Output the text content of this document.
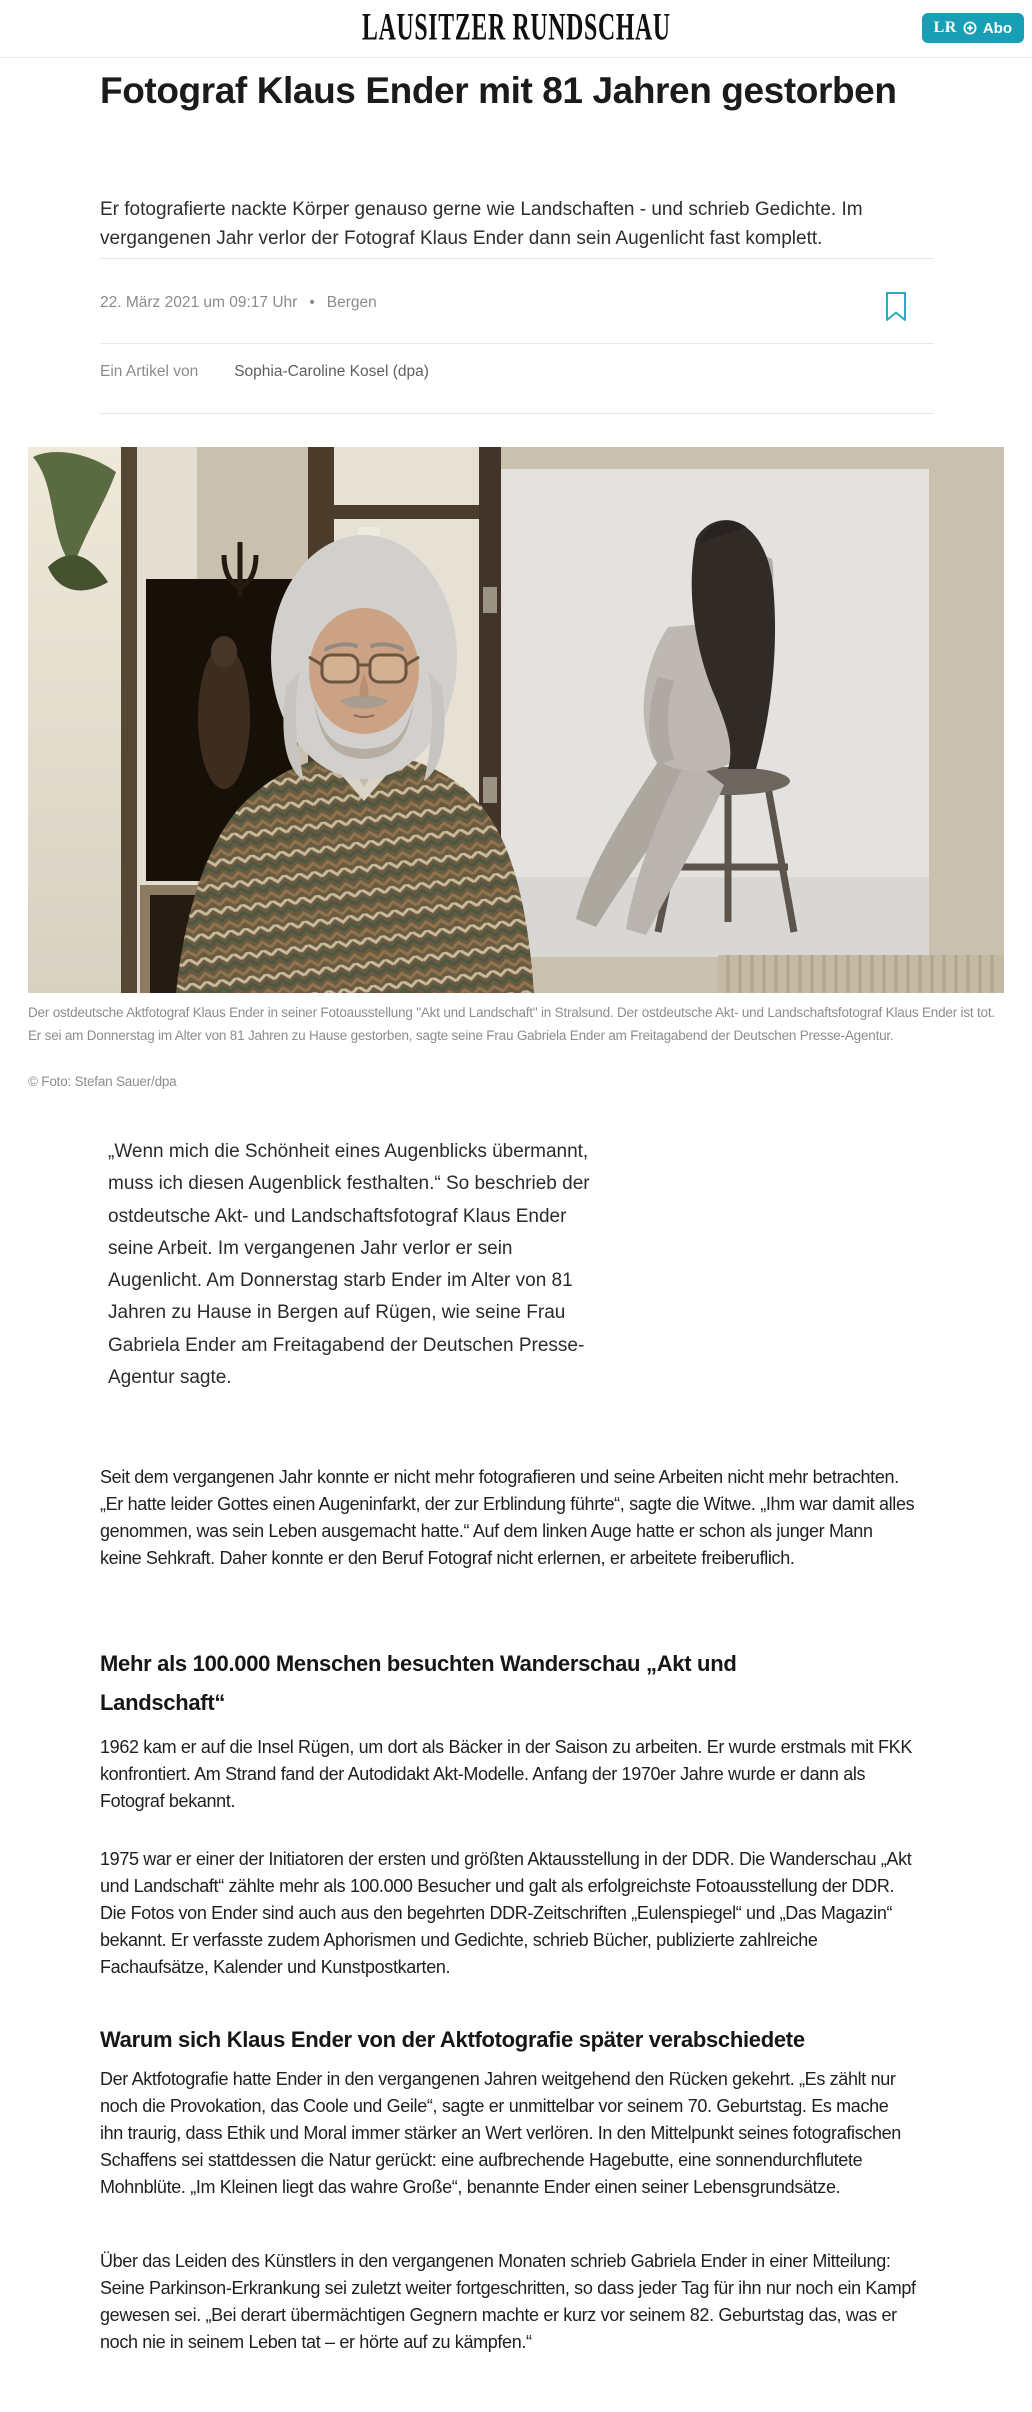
LAUSITZER RUNDSCHAU	LR Abo
Fotograf Klaus Ender mit 81 Jahren gestorben

Er fotografierte nackte Körper genauso gerne wie Landschaften - und schrieb Gedichte. Im vergangenen Jahr verlor der Fotograf Klaus Ender dann sein Augenlicht fast komplett.

22. März 2021 um 09:17 Uhr • Bergen
Ein Artikel von Sophia-Caroline Kosel (dpa)

Der ostdeutsche Aktfotograf Klaus Ender in seiner Fotoausstellung "Akt und Landschaft" in Stralsund. Der ostdeutsche Akt- und Landschaftsfotograf Klaus Ender ist tot. Er sei am Donnerstag im Alter von 81 Jahren zu Hause gestorben, sagte seine Frau Gabriela Ender am Freitagabend der Deutschen Presse-Agentur.

© Foto: Stefan Sauer/dpa

„Wenn mich die Schönheit eines Augenblicks übermannt, muss ich diesen Augenblick festhalten.“ So beschrieb der ostdeutsche Akt- und Landschaftsfotograf Klaus Ender seine Arbeit. Im vergangenen Jahr verlor er sein Augenlicht. Am Donnerstag starb Ender im Alter von 81 Jahren zu Hause in Bergen auf Rügen, wie seine Frau Gabriela Ender am Freitagabend der Deutschen Presse-Agentur sagte.

Seit dem vergangenen Jahr konnte er nicht mehr fotografieren und seine Arbeiten nicht mehr betrachten. „Er hatte leider Gottes einen Augeninfarkt, der zur Erblindung führte“, sagte die Witwe. „Ihm war damit alles genommen, was sein Leben ausgemacht hatte.“ Auf dem linken Auge hatte er schon als junger Mann keine Sehkraft. Daher konnte er den Beruf Fotograf nicht erlernen, er arbeitete freiberuflich.

Mehr als 100.000 Menschen besuchten Wanderschau „Akt und Landschaft“

1962 kam er auf die Insel Rügen, um dort als Bäcker in der Saison zu arbeiten. Er wurde erstmals mit FKK konfrontiert. Am Strand fand der Autodidakt Akt-Modelle. Anfang der 1970er Jahre wurde er dann als Fotograf bekannt.

1975 war er einer der Initiatoren der ersten und größten Aktausstellung in der DDR. Die Wanderschau „Akt und Landschaft“ zählte mehr als 100.000 Besucher und galt als erfolgreichste Fotoausstellung der DDR. Die Fotos von Ender sind auch aus den begehrten DDR-Zeitschriften „Eulenspiegel“ und „Das Magazin“ bekannt. Er verfasste zudem Aphorismen und Gedichte, schrieb Bücher, publizierte zahlreiche Fachaufsätze, Kalender und Kunstpostkarten.

Warum sich Klaus Ender von der Aktfotografie später verabschiedete

Der Aktfotografie hatte Ender in den vergangenen Jahren weitgehend den Rücken gekehrt. „Es zählt nur noch die Provokation, das Coole und Geile“, sagte er unmittelbar vor seinem 70. Geburtstag. Es mache ihn traurig, dass Ethik und Moral immer stärker an Wert verlören. In den Mittelpunkt seines fotografischen Schaffens sei stattdessen die Natur gerückt: eine aufbrechende Hagebutte, eine sonnendurchflutete Mohnblüte. „Im Kleinen liegt das wahre Große“, benannte Ender einen seiner Lebensgrundsätze.

Über das Leiden des Künstlers in den vergangenen Monaten schrieb Gabriela Ender in einer Mitteilung: Seine Parkinson-Erkrankung sei zuletzt weiter fortgeschritten, so dass jeder Tag für ihn nur noch ein Kampf gewesen sei. „Bei derart übermächtigen Gegnern machte er kurz vor seinem 82. Geburtstag das, was er noch nie in seinem Leben tat – er hörte auf zu kämpfen.“
